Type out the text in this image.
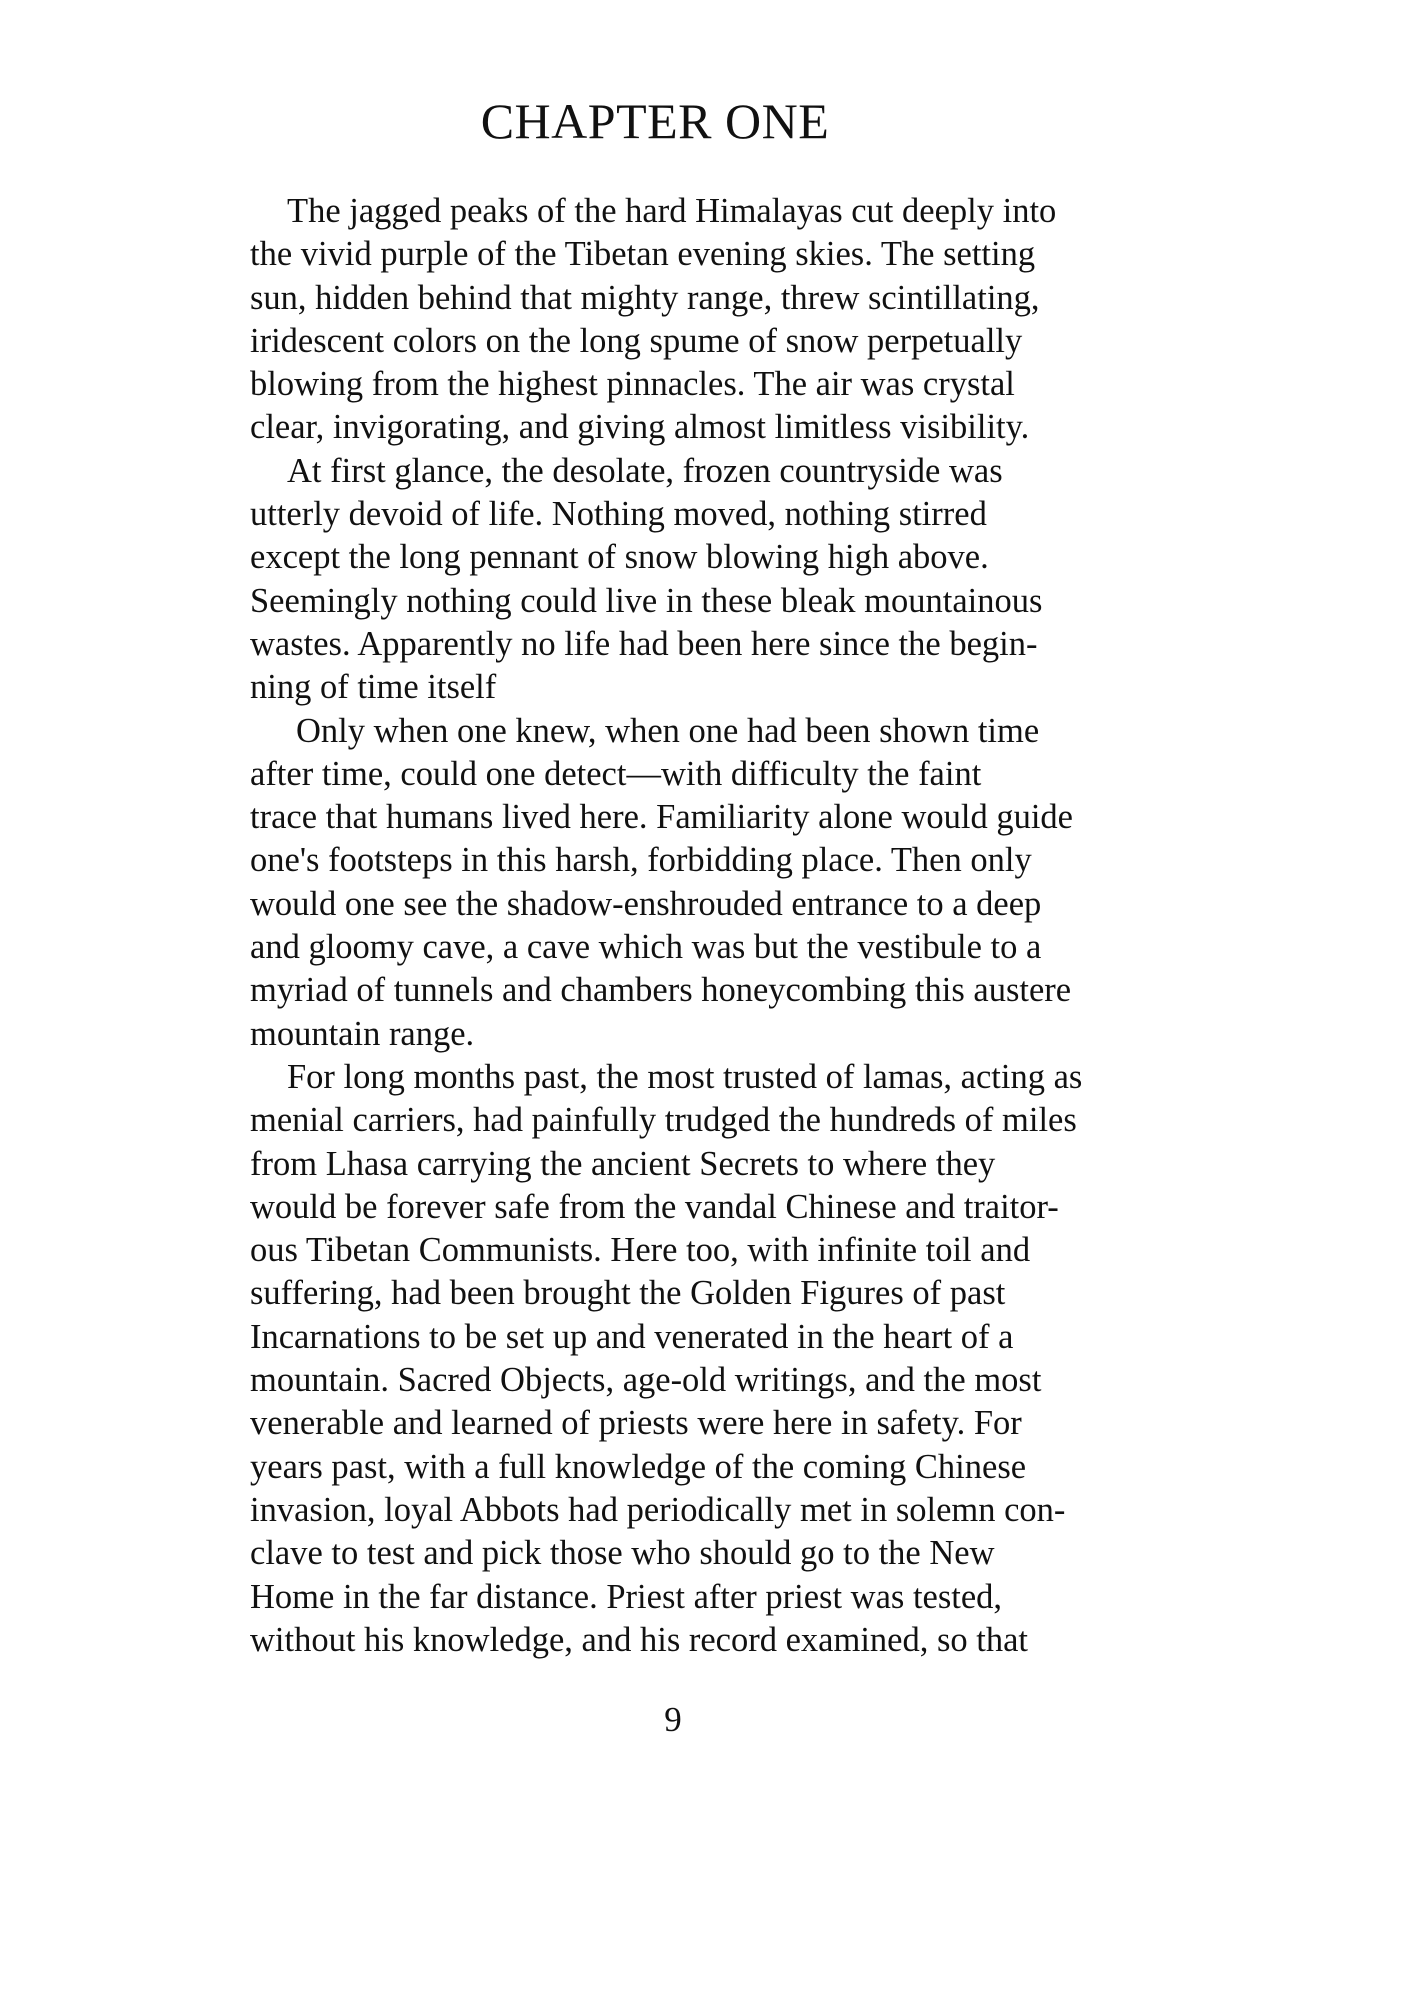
CHAPTER ONE

The jagged peaks of the hard Himalayas cut deeply into
the vivid purple of the Tibetan evening skies. The setting
sun, hidden behind that mighty range, threw scintillating,
iridescent colors on the long spume of snow perpetually
blowing from the highest pinnacles. The air was crystal
clear, invigorating, and giving almost limitless visibility.

At first glance, the desolate, frozen countryside was
utterly devoid of life. Nothing moved, nothing stirred
except the long pennant of snow blowing high above.
Seemingly nothing could live in these bleak mountainous
wastes. Apparently no life had been here since the begin-
ning of time itself

Only when one knew, when one had been shown time
after time, could one detect—with difficulty the faint
trace that humans lived here. Familiarity alone would guide
one's footsteps in this harsh, forbidding place. Then only
would one see the shadow-enshrouded entrance to a deep
and gloomy cave, a cave which was but the vestibule to a
myriad of tunnels and chambers honeycombing this austere
mountain range.

For long months past, the most trusted of lamas, acting as
menial carriers, had painfully trudged the hundreds of miles
from Lhasa carrying the ancient Secrets to where they
would be forever safe from the vandal Chinese and traitor-
ous Tibetan Communists. Here too, with infinite toil and
suffering, had been brought the Golden Figures of past
Incarnations to be set up and venerated in the heart of a
mountain. Sacred Objects, age-old writings, and the most
venerable and learned of priests were here in safety. For
years past, with a full knowledge of the coming Chinese
invasion, loyal Abbots had periodically met in solemn con-
clave to test and pick those who should go to the New
Home in the far distance. Priest after priest was tested,
without his knowledge, and his record examined, so that

9
